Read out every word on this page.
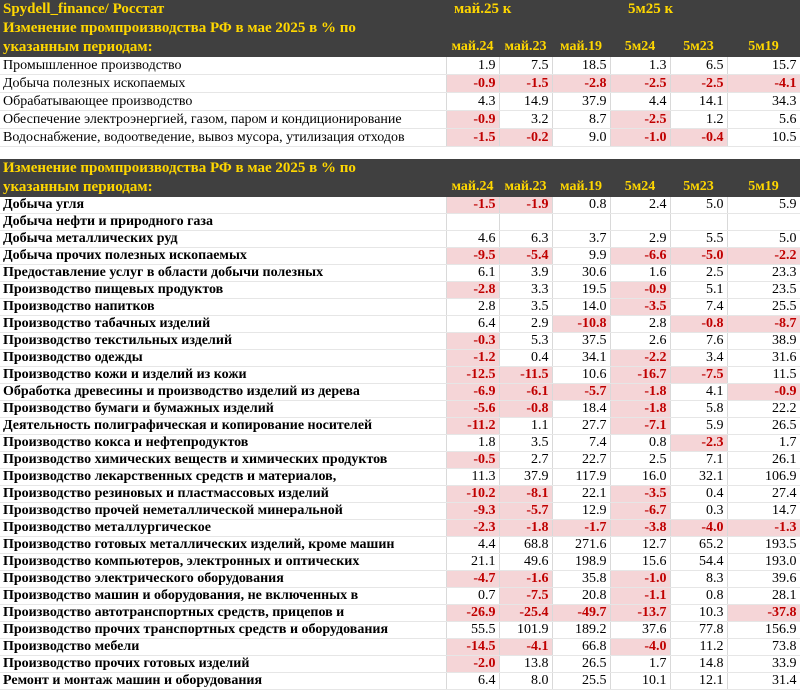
Spydell_finance/ Росстат	май.25 к			5м25 к		
Изменение промпроизводства РФ в мае 2025 в % по						
указанным периодам:	май.24	май.23	май.19	5м24	5м23	5м19
Промышленное производство	1.9	7.5	18.5	1.3	6.5	15.7
Добыча полезных ископаемых	-0.9	-1.5	-2.8	-2.5	-2.5	-4.1
Обрабатывающее производство	4.3	14.9	37.9	4.4	14.1	34.3
Обеспечение электроэнергией, газом, паром и кондиционирование	-0.9	3.2	8.7	-2.5	1.2	5.6
Водоснабжение, водоотведение, вывоз мусора, утилизация отходов	-1.5	-0.2	9.0	-1.0	-0.4	10.5

Изменение промпроизводства РФ в мае 2025 в % по						
указанным периодам:	май.24	май.23	май.19	5м24	5м23	5м19
Добыча угля	-1.5	-1.9	0.8	2.4	5.0	5.9
Добыча нефти и природного газа						
Добыча металлических руд	4.6	6.3	3.7	2.9	5.5	5.0
Добыча прочих полезных ископаемых	-9.5	-5.4	9.9	-6.6	-5.0	-2.2
Предоставление услуг в области добычи полезных	6.1	3.9	30.6	1.6	2.5	23.3
Производство пищевых продуктов	-2.8	3.3	19.5	-0.9	5.1	23.5
Производство напитков	2.8	3.5	14.0	-3.5	7.4	25.5
Производство табачных изделий	6.4	2.9	-10.8	2.8	-0.8	-8.7
Производство текстильных изделий	-0.3	5.3	37.5	2.6	7.6	38.9
Производство одежды	-1.2	0.4	34.1	-2.2	3.4	31.6
Производство кожи и изделий из кожи	-12.5	-11.5	10.6	-16.7	-7.5	11.5
Обработка древесины и производство изделий из дерева	-6.9	-6.1	-5.7	-1.8	4.1	-0.9
Производство бумаги и бумажных изделий	-5.6	-0.8	18.4	-1.8	5.8	22.2
Деятельность полиграфическая и копирование носителей	-11.2	1.1	27.7	-7.1	5.9	26.5
Производство кокса и нефтепродуктов	1.8	3.5	7.4	0.8	-2.3	1.7
Производство химических веществ и химических продуктов	-0.5	2.7	22.7	2.5	7.1	26.1
Производство лекарственных средств и материалов,	11.3	37.9	117.9	16.0	32.1	106.9
Производство резиновых и пластмассовых изделий	-10.2	-8.1	22.1	-3.5	0.4	27.4
Производство прочей неметаллической минеральной	-9.3	-5.7	12.9	-6.7	0.3	14.7
Производство металлургическое	-2.3	-1.8	-1.7	-3.8	-4.0	-1.3
Производство готовых металлических изделий, кроме машин	4.4	68.8	271.6	12.7	65.2	193.5
Производство компьютеров, электронных и оптических	21.1	49.6	198.9	15.6	54.4	193.0
Производство электрического оборудования	-4.7	-1.6	35.8	-1.0	8.3	39.6
Производство машин и оборудования, не включенных в	0.7	-7.5	20.8	-1.1	0.8	28.1
Производство автотранспортных средств, прицепов и	-26.9	-25.4	-49.7	-13.7	10.3	-37.8
Производство прочих транспортных средств и оборудования	55.5	101.9	189.2	37.6	77.8	156.9
Производство мебели	-14.5	-4.1	66.8	-4.0	11.2	73.8
Производство прочих готовых изделий	-2.0	13.8	26.5	1.7	14.8	33.9
Ремонт и монтаж машин и оборудования	6.4	8.0	25.5	10.1	12.1	31.4
